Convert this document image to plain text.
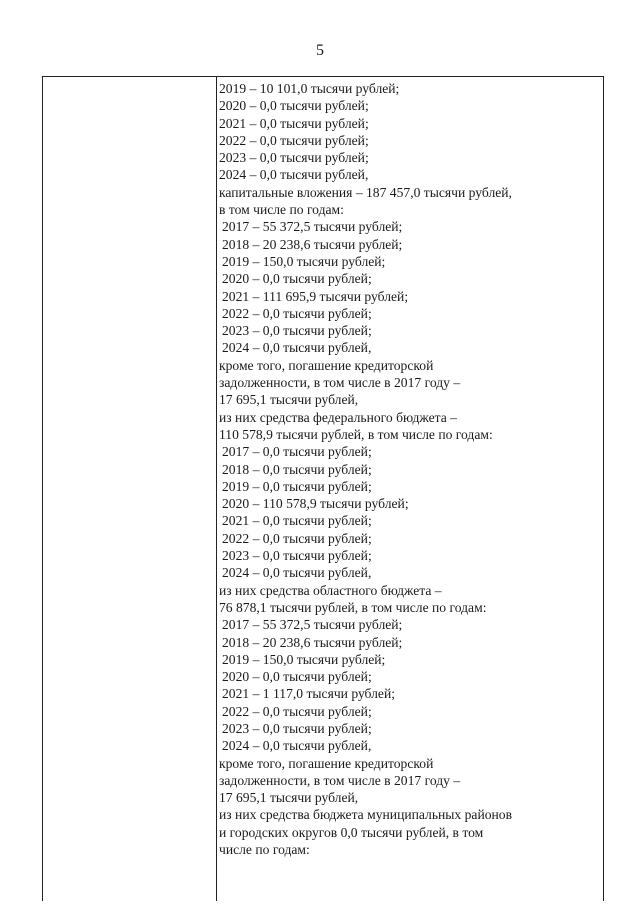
5
2019 – 10 101,0 тысячи рублей;
2020 – 0,0 тысячи рублей;
2021 – 0,0 тысячи рублей;
2022 – 0,0 тысячи рублей;
2023 – 0,0 тысячи рублей;
2024 – 0,0 тысячи рублей,
капитальные вложения – 187 457,0 тысячи рублей,
в том числе по годам:
2017 – 55 372,5 тысячи рублей;
2018 – 20 238,6 тысячи рублей;
2019 – 150,0 тысячи рублей;
2020 – 0,0 тысячи рублей;
2021 – 111 695,9 тысячи рублей;
2022 – 0,0 тысячи рублей;
2023 – 0,0 тысячи рублей;
2024 – 0,0 тысячи рублей,
кроме того, погашение кредиторской
задолженности, в том числе в 2017 году –
17 695,1 тысячи рублей,
из них средства федерального бюджета –
110 578,9 тысячи рублей, в том числе по годам:
2017 – 0,0 тысячи рублей;
2018 – 0,0 тысячи рублей;
2019 – 0,0 тысячи рублей;
2020 – 110 578,9 тысячи рублей;
2021 – 0,0 тысячи рублей;
2022 – 0,0 тысячи рублей;
2023 – 0,0 тысячи рублей;
2024 – 0,0 тысячи рублей,
из них средства областного бюджета –
76 878,1 тысячи рублей, в том числе по годам:
2017 – 55 372,5 тысячи рублей;
2018 – 20 238,6 тысячи рублей;
2019 – 150,0 тысячи рублей;
2020 – 0,0 тысячи рублей;
2021 – 1 117,0 тысячи рублей;
2022 – 0,0 тысячи рублей;
2023 – 0,0 тысячи рублей;
2024 – 0,0 тысячи рублей,
кроме того, погашение кредиторской
задолженности, в том числе в 2017 году –
17 695,1 тысячи рублей,
из них средства бюджета муниципальных районов
и городских округов 0,0 тысячи рублей, в том
числе по годам:
